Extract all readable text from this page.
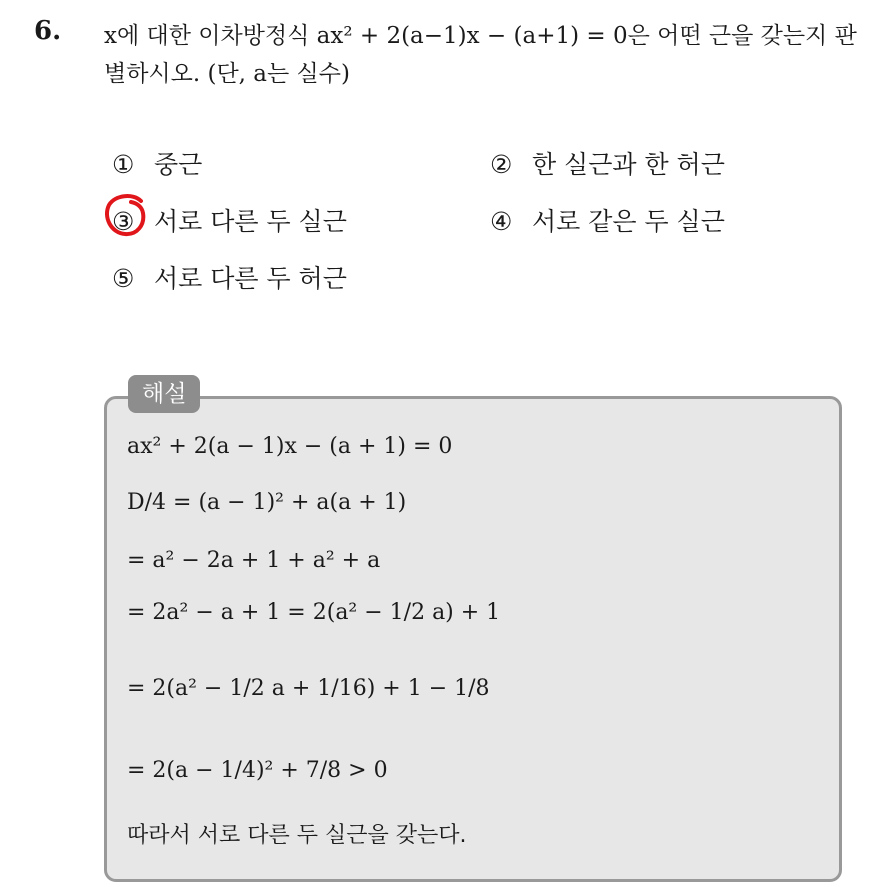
6. x에 대한 이차방정식 ax² + 2(a−1)x − (a+1) = 0은 어떤 근을 갖는지 판별하시오. (단, a는 실수)
① 중근	② 한 실근과 한 허근
③ 서로 다른 두 실근	④ 서로 같은 두 실근
⑤ 서로 다른 두 허근
해설
ax² + 2(a − 1)x − (a + 1) = 0
D/4 = (a − 1)² + a(a + 1)
= a² − 2a + 1 + a² + a
= 2a² − a + 1 = 2(a² − 1/2 a) + 1
= 2(a² − 1/2 a + 1/16) + 1 − 1/8
= 2(a − 1/4)² + 7/8 > 0
따라서 서로 다른 두 실근을 갖는다.
